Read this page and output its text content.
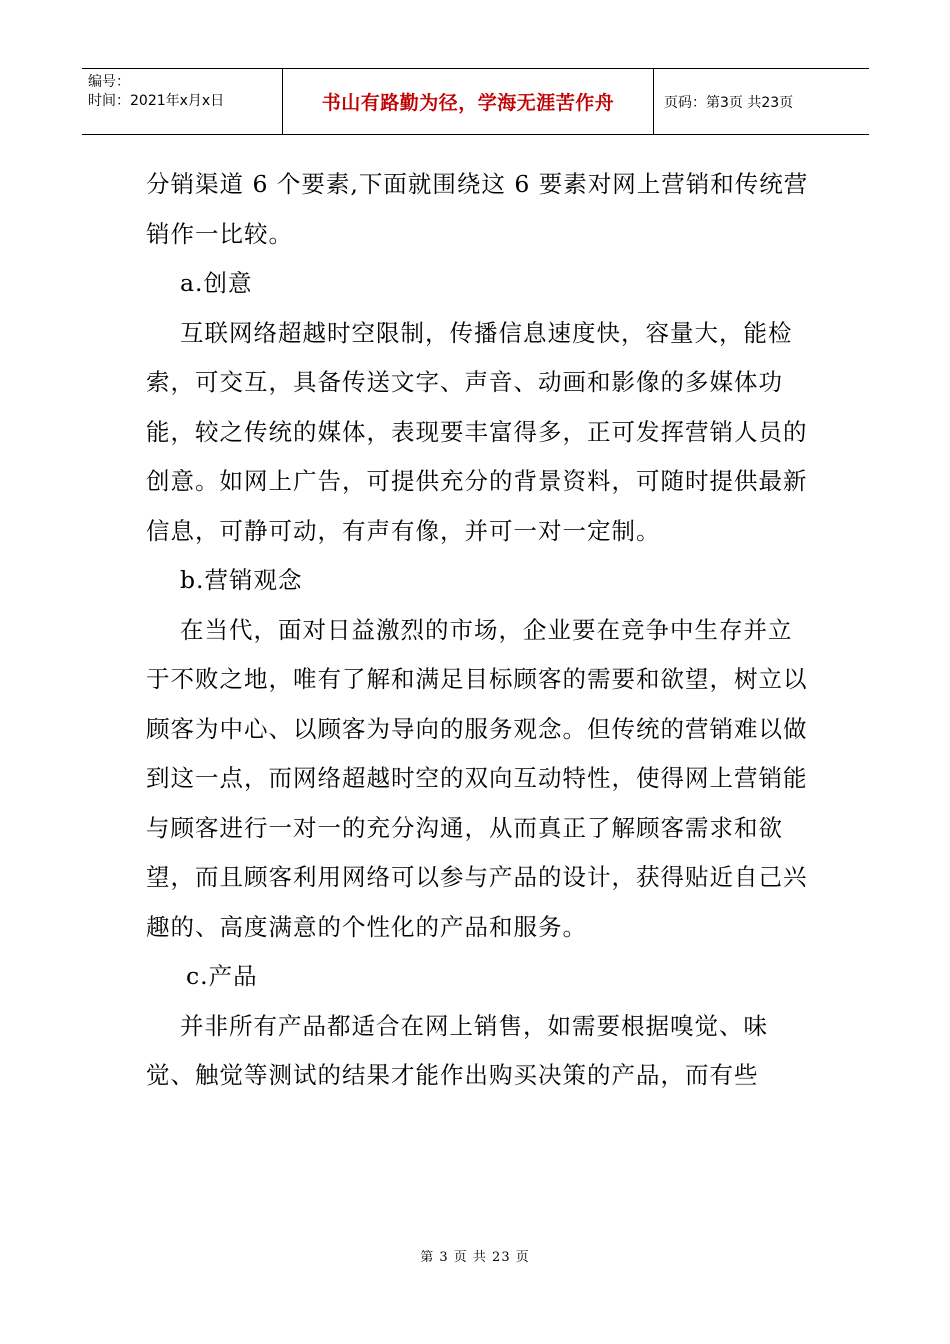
编号：
时间：2021年x月x日	书山有路勤为径，学海无涯苦作舟	页码：第3页 共23页

分销渠道 6 个要素,下面就围绕这 6 要素对网上营销和传统营销作一比较。

a.创意

互联网络超越时空限制，传播信息速度快，容量大，能检索，可交互，具备传送文字、声音、动画和影像的多媒体功能，较之传统的媒体，表现要丰富得多，正可发挥营销人员的创意。如网上广告，可提供充分的背景资料，可随时提供最新信息，可静可动，有声有像，并可一对一定制。

b.营销观念

在当代，面对日益激烈的市场，企业要在竞争中生存并立于不败之地，唯有了解和满足目标顾客的需要和欲望，树立以顾客为中心、以顾客为导向的服务观念。但传统的营销难以做到这一点，而网络超越时空的双向互动特性，使得网上营销能与顾客进行一对一的充分沟通，从而真正了解顾客需求和欲望，而且顾客利用网络可以参与产品的设计，获得贴近自己兴趣的、高度满意的个性化的产品和服务。

c.产品

并非所有产品都适合在网上销售，如需要根据嗅觉、味觉、触觉等测试的结果才能作出购买决策的产品，而有些

第 3 页 共 23 页
